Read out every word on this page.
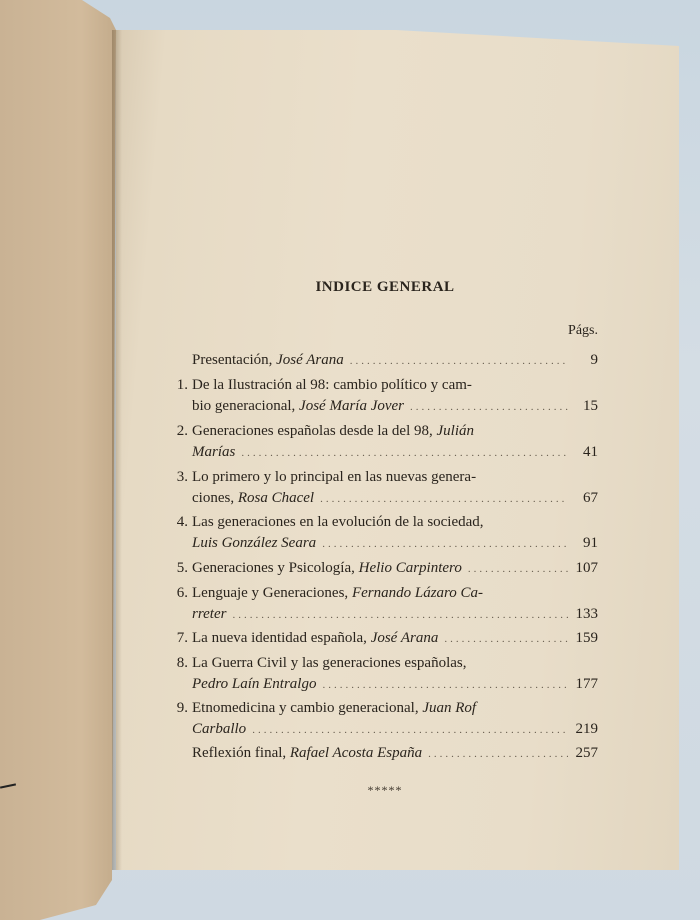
INDICE GENERAL
Págs.
Presentación, José Arana .....	9
1. De la Ilustración al 98: cambio político y cam-
bio generacional, José María Jover .....	15
2. Generaciones españolas desde la del 98, Julián
Marías .....	41
3. Lo primero y lo principal en las nuevas genera-
ciones, Rosa Chacel .....	67
4. Las generaciones en la evolución de la sociedad,
Luis González Seara .....	91
5. Generaciones y Psicología, Helio Carpintero .....	107
6. Lenguaje y Generaciones, Fernando Lázaro Ca-
rreter .....	133
7. La nueva identidad española, José Arana .....	159
8. La Guerra Civil y las generaciones españolas,
Pedro Laín Entralgo .....	177
9. Etnomedicina y cambio generacional, Juan Rof
Carballo .....	219
Reflexión final, Rafael Acosta España .....	257
*****
